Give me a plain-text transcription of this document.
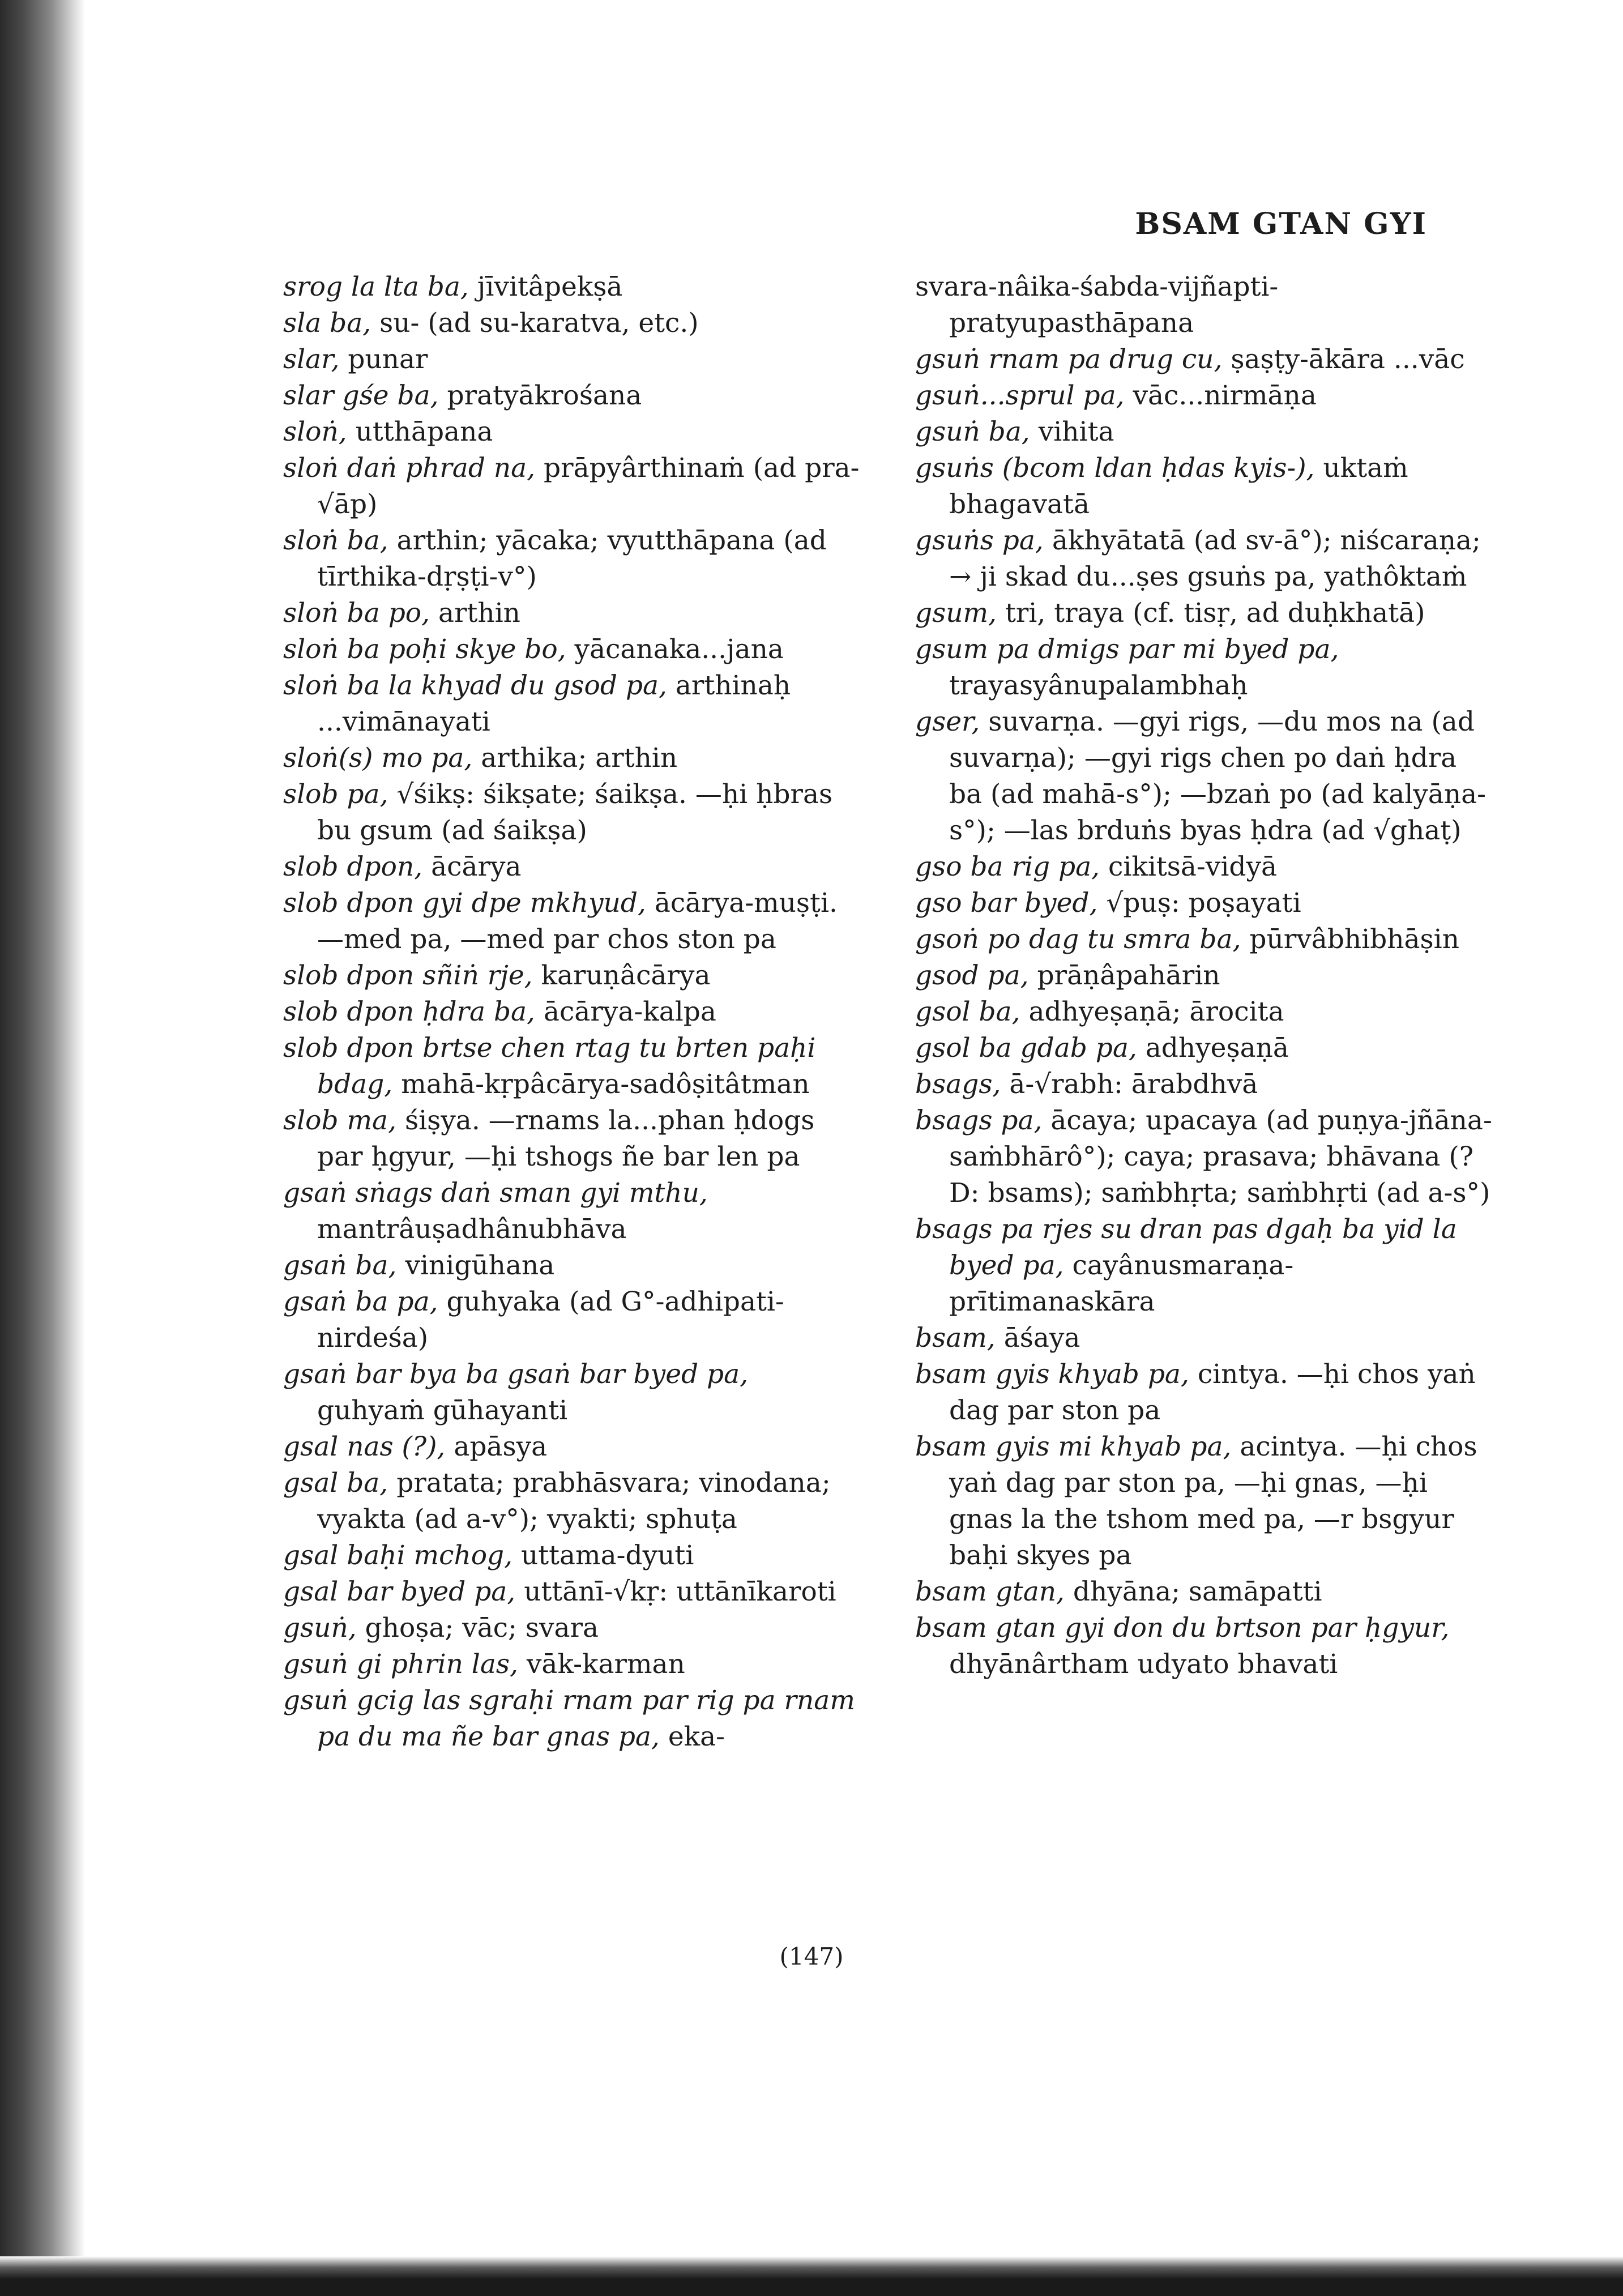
BSAM GTAN GYI
srog la lta ba, jīvitâpekṣā
sla ba, su- (ad su-karatva, etc.)
slar, punar
slar gśe ba, pratyākrośana
sloṅ, utthāpana
sloṅ daṅ phrad na, prāpyârthinaṁ (ad pra-√āp)
sloṅ ba, arthin; yācaka; vyutthāpana (ad tīrthika-dṛṣṭi-v°)
sloṅ ba po, arthin
sloṅ ba poḥi skye bo, yācanaka...jana
sloṅ ba la khyad du gsod pa, arthinaḥ ...vimānayati
sloṅ(s) mo pa, arthika; arthin
slob pa, √śikṣ: śikṣate; śaikṣa. —ḥi ḥbras bu gsum (ad śaikṣa)
slob dpon, ācārya
slob dpon gyi dpe mkhyud, ācārya-muṣṭi. —med pa, —med par chos ston pa
slob dpon sñiṅ rje, karuṇâcārya
slob dpon ḥdra ba, ācārya-kalpa
slob dpon brtse chen rtag tu brten paḥi bdag, mahā-kṛpâcārya-sadôṣitâtman
slob ma, śiṣya. —rnams la...phan ḥdogs par ḥgyur, —ḥi tshogs ñe bar len pa
gsaṅ sṅags daṅ sman gyi mthu, mantrâuṣadhânubhāva
gsaṅ ba, vinigūhana
gsaṅ ba pa, guhyaka (ad G°-adhipati-nirdeśa)
gsaṅ bar bya ba gsaṅ bar byed pa, guhyaṁ gūhayanti
gsal nas (?), apāsya
gsal ba, pratata; prabhāsvara; vinodana; vyakta (ad a-v°); vyakti; sphuṭa
gsal baḥi mchog, uttama-dyuti
gsal bar byed pa, uttānī-√kṛ: uttānīkaroti
gsuṅ, ghoṣa; vāc; svara
gsuṅ gi phrin las, vāk-karman
gsuṅ gcig las sgraḥi rnam par rig pa rnam pa du ma ñe bar gnas pa, eka-
svara-nâika-śabda-vijñapti-pratyupasthāpana
gsuṅ rnam pa drug cu, ṣaṣṭy-ākāra ...vāc
gsuṅ...sprul pa, vāc...nirmāṇa
gsuṅ ba, vihita
gsuṅs (bcom ldan ḥdas kyis-), uktaṁ bhagavatā
gsuṅs pa, ākhyātatā (ad sv-ā°); niścaraṇa; → ji skad du...ṣes gsuṅs pa, yathôktaṁ
gsum, tri, traya (cf. tisṛ, ad duḥkhatā)
gsum pa dmigs par mi byed pa, trayasyânupalambhaḥ
gser, suvarṇa. —gyi rigs, —du mos na (ad suvarṇa); —gyi rigs chen po daṅ ḥdra ba (ad mahā-s°); —bzaṅ po (ad kalyāṇa-s°); —las brduṅs byas ḥdra (ad √ghaṭ)
gso ba rig pa, cikitsā-vidyā
gso bar byed, √puṣ: poṣayati
gsoṅ po dag tu smra ba, pūrvâbhibhāṣin
gsod pa, prāṇâpahārin
gsol ba, adhyeṣaṇā; ārocita
gsol ba gdab pa, adhyeṣaṇā
bsags, ā-√rabh: ārabdhvā
bsags pa, ācaya; upacaya (ad puṇya-jñāna-saṁbhārô°); caya; prasava; bhāvana (? D: bsams); saṁbhṛta; saṁbhṛti (ad a-s°)
bsags pa rjes su dran pas dgaḥ ba yid la byed pa, cayânusmaraṇa-prītimanaskāra
bsam, āśaya
bsam gyis khyab pa, cintya. —ḥi chos yaṅ dag par ston pa
bsam gyis mi khyab pa, acintya. —ḥi chos yaṅ dag par ston pa, —ḥi gnas, —ḥi gnas la the tshom med pa, —r bsgyur baḥi skyes pa
bsam gtan, dhyāna; samāpatti
bsam gtan gyi don du brtson par ḥgyur, dhyānârtham udyato bhavati
(147)
